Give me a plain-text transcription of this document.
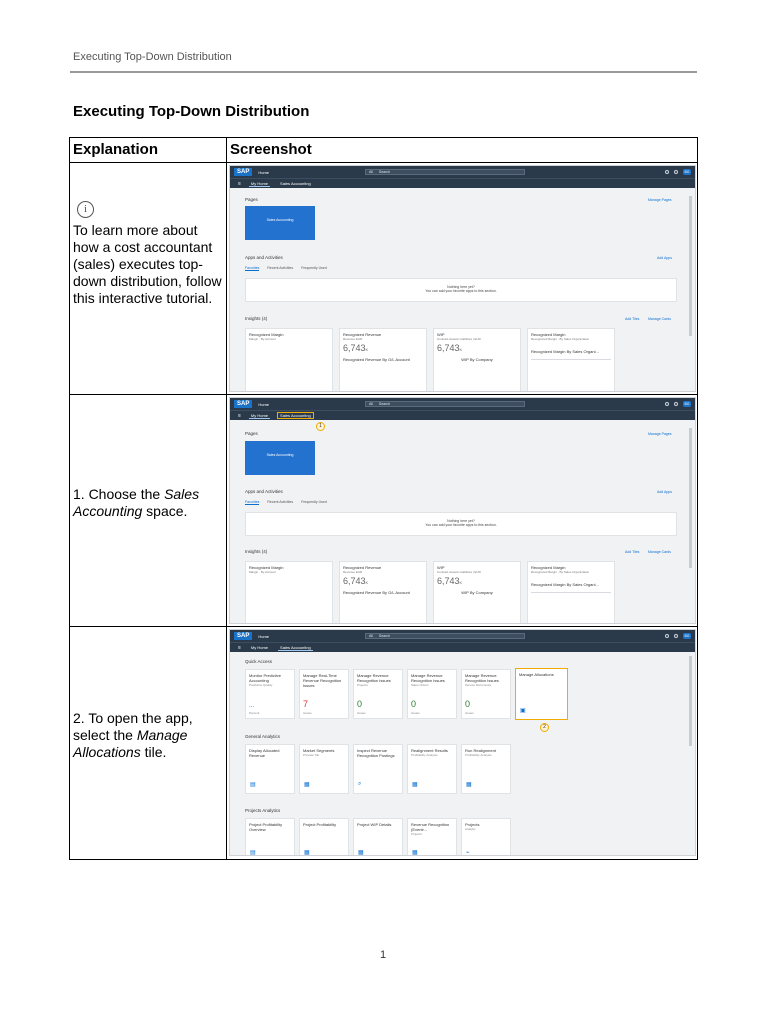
Executing Top-Down Distribution
Executing Top-Down Distribution
Explanation	Screenshot
i
To learn more about how a cost accountant (sales) executes top-down distribution, follow this interactive tutorial.
SAP	Home	All	Search	BG
≡	My Home	Sales Accounting
Pages	Manage Pages
Sales Accounting
Apps and Activities	Add Apps
Favorites Recent Activities Frequently Used
Nothing here yet?
You can add your favorite apps to this section.
Insights (4)	Add Tiles Manage Cards
Recognized Margin
Margin · By Account
Recognized Revenue
Revenue EUR
6,743K
Recognized Revenue By G/L Account
WIP
Contract Assets/ Liabilities | EUR
6,743K
WIP By Company
Recognized Margin
Recognized Margin · By Sales Organization
Recognized Margin By Sales Organi...
1. Choose the Sales Accounting space.
SAP	Home	All	Search	BG
≡	My Home	Sales Accounting
1
Pages	Manage Pages
Sales Accounting
Apps and Activities	Add Apps
Favorites Recent Activities Frequently Used
Nothing here yet?
You can add your favorite apps to this section.
Insights (4)	Add Tiles Manage Cards
Recognized Margin
Margin · By Account
Recognized Revenue
Revenue EUR
6,743K
Recognized Revenue By G/L Account
WIP
Contract Assets/ Liabilities | EUR
6,743K
WIP By Company
Recognized Margin
Recognized Margin · By Sales Organization
Recognized Margin By Sales Organi...
2. To open the app, select the Manage Allocations tile.
SAP	Home	All	Search	BG
≡	My Home	Sales Accounting
Quick Access
Monitor Predictive Accounting
Predictive Quality
...
Percent
Manage Real-Time Revenue Recognition Issues
7
Issues
Manage Revenue Recognition Issues
Projects
0
Issues
Manage Revenue Recognition Issues
Sales Orders
0
Issues
Manage Revenue Recognition Issues
Service Documents
0
Issues
Manage Allocations
▣
2
General Analytics
Display Allocated Revenue
▤
Market Segments
Preview Tile
▦
Inspect Revenue Recognition Postings
⌕
Realignment Results
Profitability Analysis
▦
Run Realignment
Profitability Analysis
▦
Projects Analytics
Project Profitability Overview
▤
Project Profitability
▦
Project WIP Details
▦
Revenue Recognition (Eventr...
Projects
▦
Projects
Analytic
⌁
1
